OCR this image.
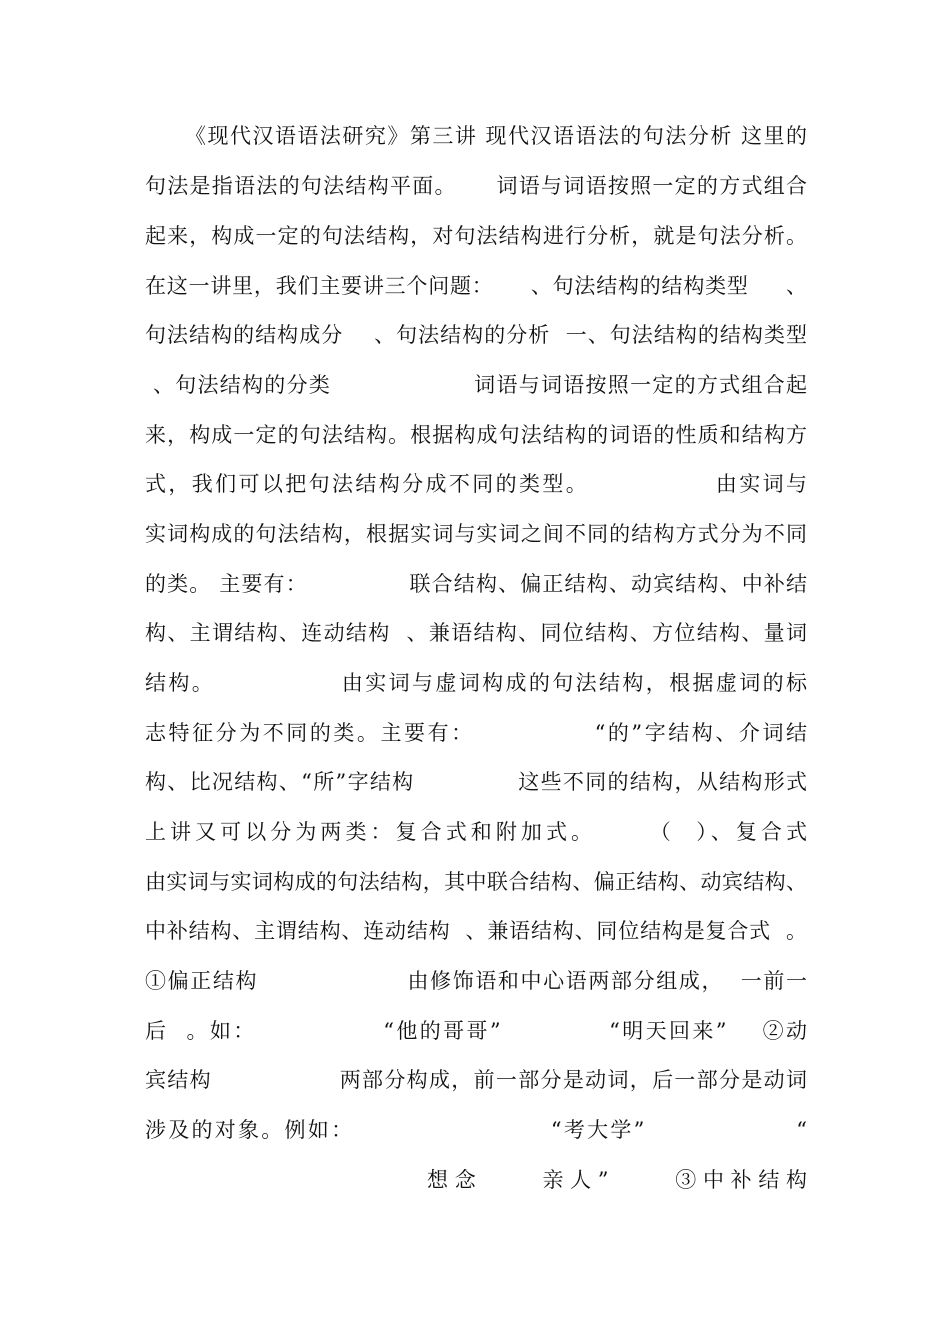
《现代汉语语法研究》第三讲 现代汉语语法的句法分析 这里的
句法是指语法的句法结构平面。     词语与词语按照一定的方式组合
起来，构成一定的句法结构，对句法结构进行分析，就是句法分析。
在这一讲里，我们主要讲三个问题：     、句法结构的结构类型     、
句法结构的结构成分    、句法结构的分析  一、句法结构的结构类型
、句法结构的分类                  词语与词语按照一定的方式组合起
来，构成一定的句法结构。根据构成句法结构的词语的性质和结构方
式，我们可以把句法结构分成不同的类型。              由实词与
实词构成的句法结构，根据实词与实词之间不同的结构方式分为不同
的类。 主要有：             联合结构、偏正结构、动宾结构、中补结
构、主谓结构、连动结构  、兼语结构、同位结构、方位结构、量词
结构。              由实词与虚词构成的句法结构，根据虚词的标
志特征分为不同的类。主要有：             “的”字结构、介词结
构、比况结构、“所”字结构             这些不同的结构，从结构形式
上讲又可以分为两类：复合式和附加式。     （  ）、复合式
由实词与实词构成的句法结构，其中联合结构、偏正结构、动宾结构、
中补结构、主谓结构、连动结构  、兼语结构、同位结构是复合式  。
①偏正结构                  由修饰语和中心语两部分组成，  一前一
后  。如：              “他的哥哥”            “明天回来”    ②动
宾结构                两部分构成，前一部分是动词，后一部分是动词
涉及的对象。例如：                      “考大学”                 “
想 念          亲 人 ”          ③ 中 补 结 构
